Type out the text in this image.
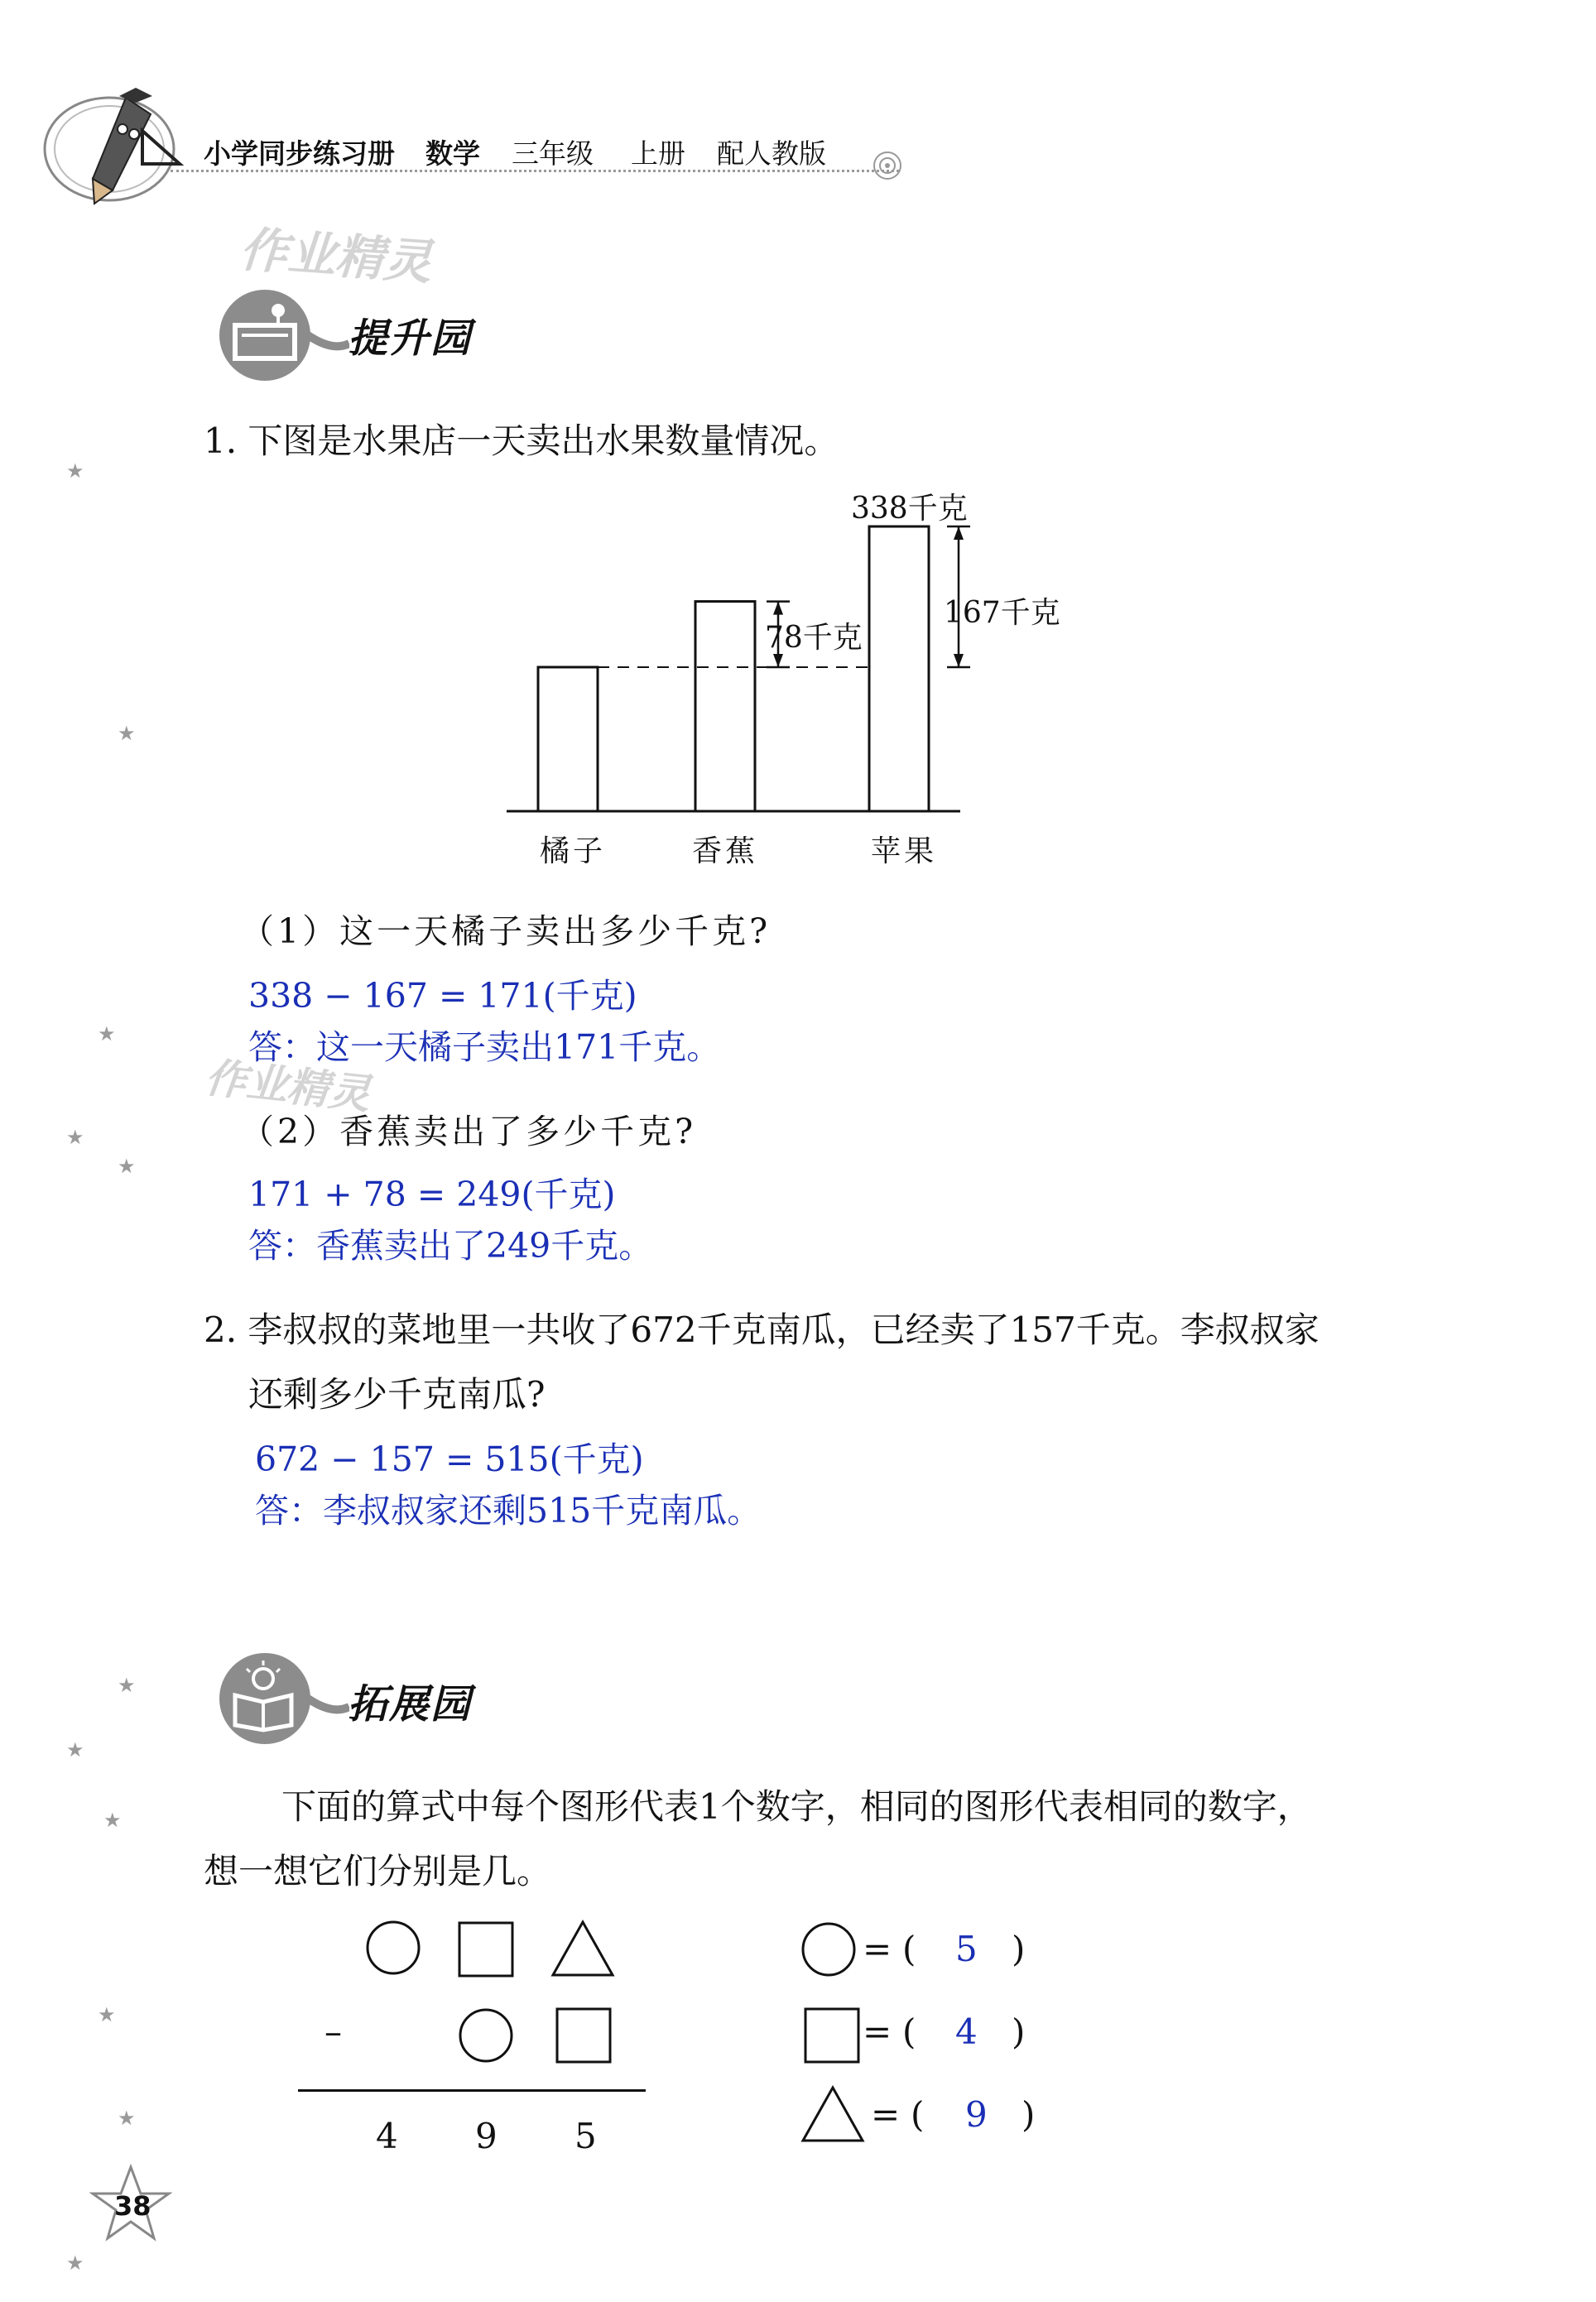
小学同步练习册 数学 三年级 上册 配人教版
作业精灵
作业精灵
★
★
★
★
★
★
★
★
★
★
★
提升园
1. 下图是水果店一天卖出水果数量情况。
338千克
167千克
78千克
橘子	香蕉	苹果
（1）这一天橘子卖出多少千克?
338 − 167 = 171(千克)
答：这一天橘子卖出171千克。
（2）香蕉卖出了多少千克?
171 + 78 = 249(千克)
答：香蕉卖出了249千克。
2. 李叔叔的菜地里一共收了672千克南瓜，已经卖了157千克。李叔叔家
还剩多少千克南瓜?
672 − 157 = 515(千克)
答：李叔叔家还剩515千克南瓜。
拓展园
下面的算式中每个图形代表1个数字，相同的图形代表相同的数字，
想一想它们分别是几。
–
4 9 5
= ( 5 )
= ( 4 )
= ( 9 )
38
